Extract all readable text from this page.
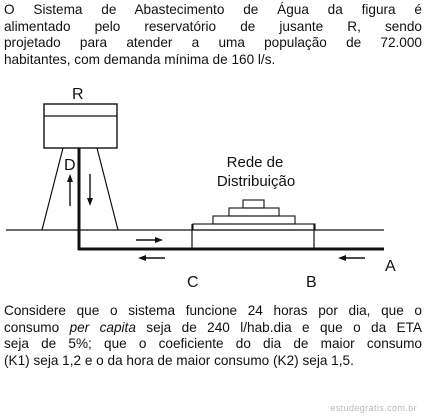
O Sistema de Abastecimento de Água da figura é
alimentado pelo reservatório de jusante R, sendo
projetado para atender a uma população de 72.000
habitantes, com demanda mínima de 160 l/s.

R
D	Rede de
Distribuição
C	B
A

Considere que o sistema funcione 24 horas por dia, que o
consumo per capita seja de 240 l/hab.dia e que o da ETA
seja de 5%; que o coeficiente do dia de maior consumo
(K1) seja 1,2 e o da hora de maior consumo (K2) seja 1,5.

estudegratis.com.br
